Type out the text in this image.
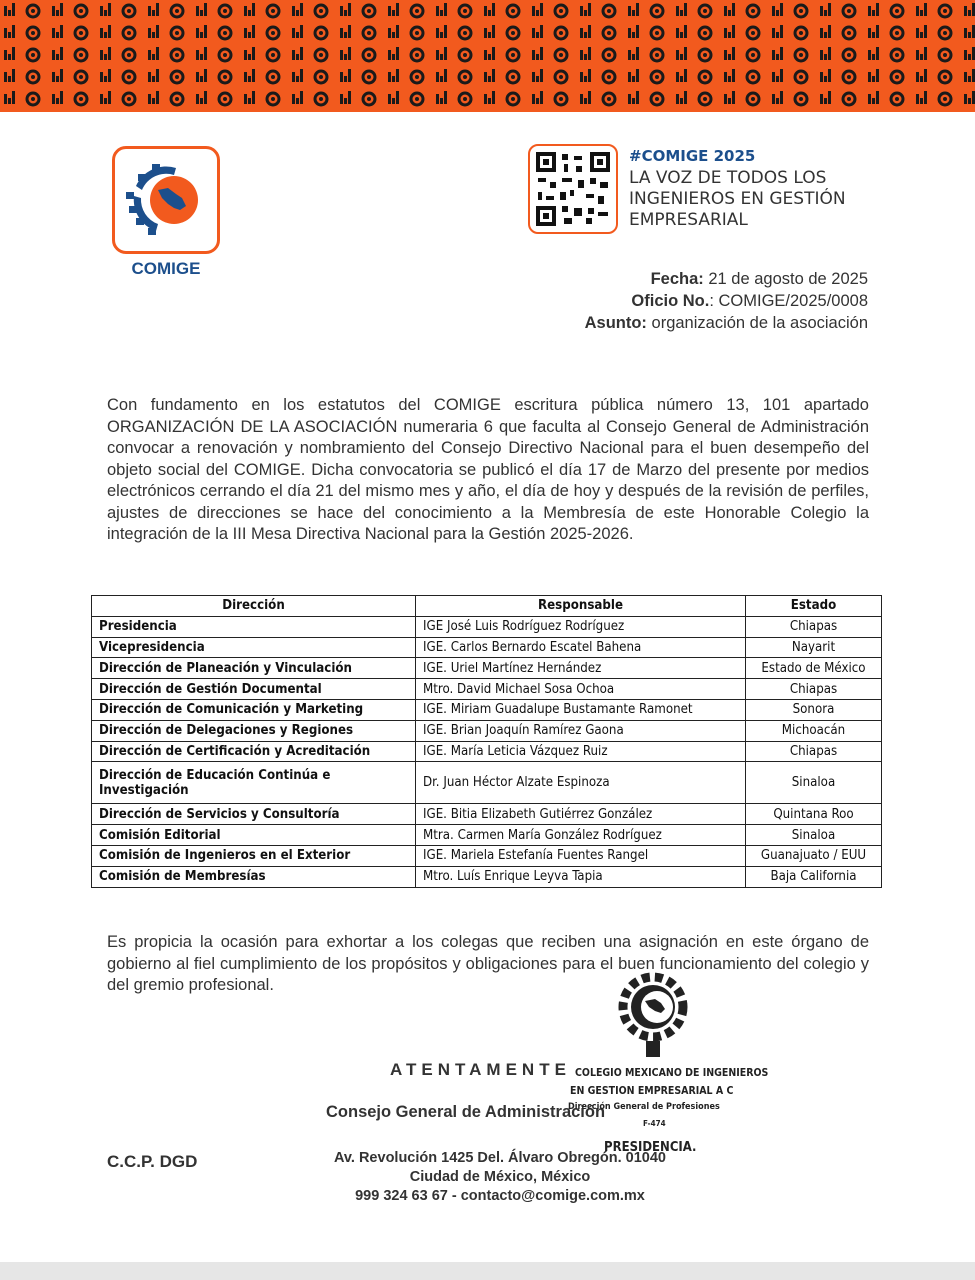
COMIGE
#COMIGE 2025
LA VOZ DE TODOS LOS INGENIEROS EN GESTIÓN EMPRESARIAL
Fecha: 21 de agosto de 2025
Oficio No.: COMIGE/2025/0008
Asunto: organización de la asociación
Con fundamento en los estatutos del COMIGE escritura pública número 13, 101 apartado ORGANIZACIÓN DE LA ASOCIACIÓN numeraria 6 que faculta al Consejo General de Administración convocar a renovación y nombramiento del Consejo Directivo Nacional para el buen desempeño del objeto social del COMIGE. Dicha convocatoria se publicó el día 17 de Marzo del presente por medios electrónicos cerrando el día 21 del mismo mes y año, el día de hoy y después de la revisión de perfiles, ajustes de direcciones se hace del conocimiento a la Membresía de este Honorable Colegio la integración de la III Mesa Directiva Nacional para la Gestión 2025-2026.
Dirección	Responsable	Estado
Presidencia	IGE José Luis Rodríguez Rodríguez	Chiapas
Vicepresidencia	IGE. Carlos Bernardo Escatel Bahena	Nayarit
Dirección de Planeación y Vinculación	IGE. Uriel Martínez Hernández	Estado de México
Dirección de Gestión Documental	Mtro. David Michael Sosa Ochoa	Chiapas
Dirección de Comunicación y Marketing	IGE. Miriam Guadalupe Bustamante Ramonet	Sonora
Dirección de Delegaciones y Regiones	IGE. Brian Joaquín Ramírez Gaona	Michoacán
Dirección de Certificación y Acreditación	IGE. María Leticia Vázquez Ruiz	Chiapas
Dirección de Educación Continúa e Investigación	Dr. Juan Héctor Alzate Espinoza	Sinaloa
Dirección de Servicios y Consultoría	IGE. Bitia Elizabeth Gutiérrez González	Quintana Roo
Comisión Editorial	Mtra. Carmen María González Rodríguez	Sinaloa
Comisión de Ingenieros en el Exterior	IGE. Mariela Estefanía Fuentes Rangel	Guanajuato / EUU
Comisión de Membresías	Mtro. Luís Enrique Leyva Tapia	Baja California
Es propicia la ocasión para exhortar a los colegas que reciben una asignación en este órgano de gobierno al fiel cumplimiento de los propósitos y obligaciones para el buen funcionamiento del colegio y del gremio profesional.
ATENTAMENTE COLEGIO MEXICANO DE INGENIEROS
EN GESTION EMPRESARIAL A C
Consejo General de Administración
Dirección General de Profesiones
F-474
PRESIDENCIA.
C.C.P. DGD	Av. Revolución 1425 Del. Álvaro Obregón. 01040
Ciudad de México, México
999 324 63 67 - contacto@comige.com.mx
